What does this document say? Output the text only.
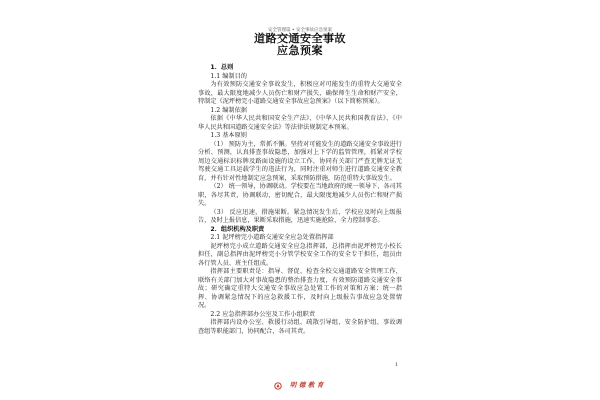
安全管理篇 • 安全事故应急预案
道路交通安全事故
应急预案
1．总则
1.1 编制目的
为有效预防交通安全事故发生，积极应对可能发生的重特大交通安全事故，最大限度地减少人员伤亡和财产损失，确保师生生命和财产安全，特制定《泥坪榜完小道路交通安全事故应急预案》（以下简称预案）。
1.2 编制依据
依据《中华人民共和国安全生产法》、《中华人民共和国教育法》、《中华人民共和国道路交通安全法》等法律法规制定本预案。
1.3 基本原则
（1） 预防为主，常抓不懈。坚持对可能发生的道路交通安全事故进行分析、预测，认真排查事故隐患，加强对上下学的监管管理，抓紧对学校周边交通标识标牌及路面设施的设立工作，协同有关部门严查无牌无证无驾驶交通工具运载学生的违法行为，同时注重对师生进行道路交通安全教育，并有针对性地制定应急预案，采取预防措施，防范重特大事故发生。
（2） 统一领导，协调联动。学校要在当地政府的统一领导下，各司其职，各尽其责，协调联动，密切配合，最大限度地减少人员伤亡和财产损失。
（3） 反应迅速，措施果断。紧急情况发生后，学校应及时向上级报告，及时上报信息，果断采取措施，迅速实施抢险，全力控制事态。
2．组织机构及职责
2.1 泥坪榜完小道路交通安全应急处置指挥部
泥坪榜完小成立道路交通安全应急指挥部，总指挥由泥坪榜完小校长担任，副总指挥由泥坪榜完小分管学校安全工作的安全专干担任，组员由各行管人员、班主任组成。
指挥部主要职责是：指导、督促、检查全校交通道路安全管理工作，联络有关部门加大对事故隐患的整治排查力度，有效预防道路交通安全事故；研究确定重特大交通安全事故应急处置工作的对策和方案；统一指挥、协调紧急情况下的应急救援工作，及时向上级报告事故应急处置情况。
2.2 应急指挥部办公室及工作小组职责
指挥部内设办公室、救援行动组、疏散引导组、安全防护组、事故调查组等职能部门，协同配合，各司其责。
1
明德教育
